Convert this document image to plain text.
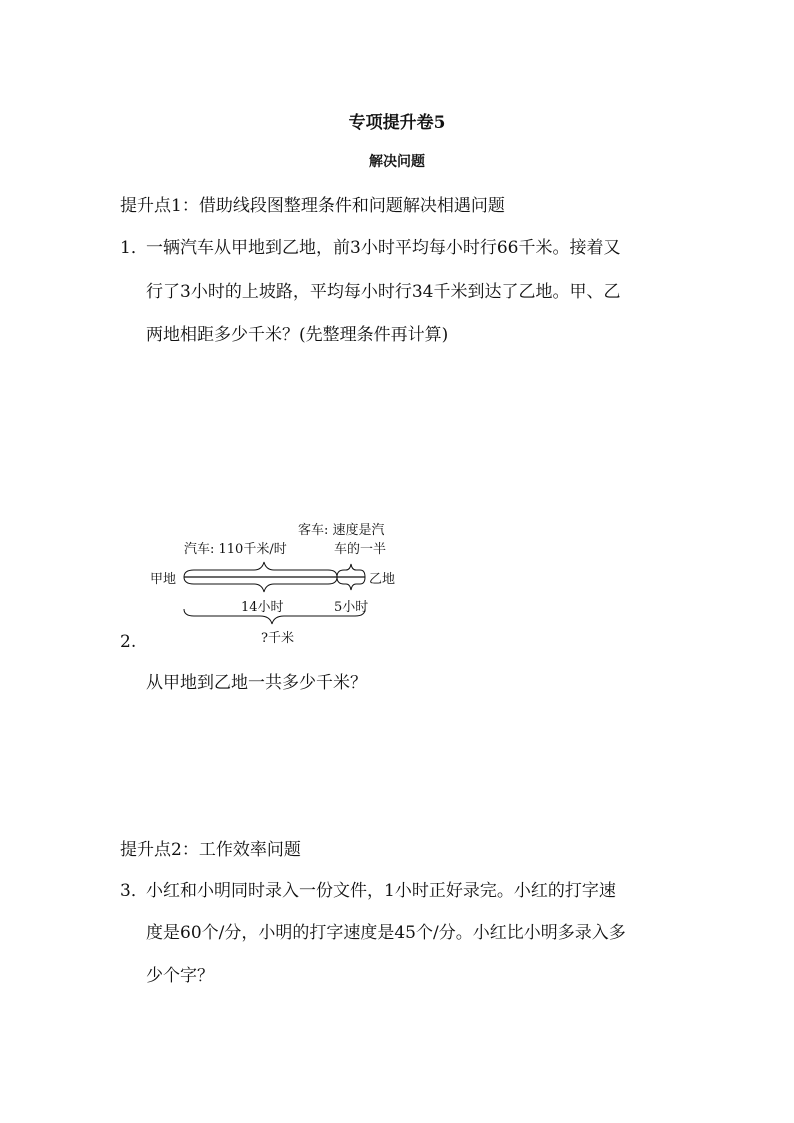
专项提升卷5
解决问题
提升点1：借助线段图整理条件和问题解决相遇问题
1．
一辆汽车从甲地到乙地，前3小时平均每小时行66千米。接着又
行了3小时的上坡路，平均每小时行34千米到达了乙地。甲、乙
两地相距多少千米？(先整理条件再计算)
客车: 速度是汽
车的一半
汽车: 110千米/时
甲地	乙地
14小时	5小时
?千米
2.
从甲地到乙地一共多少千米？
提升点2：工作效率问题
3．
小红和小明同时录入一份文件，1小时正好录完。小红的打字速
度是60个/分，小明的打字速度是45个/分。小红比小明多录入多
少个字？
